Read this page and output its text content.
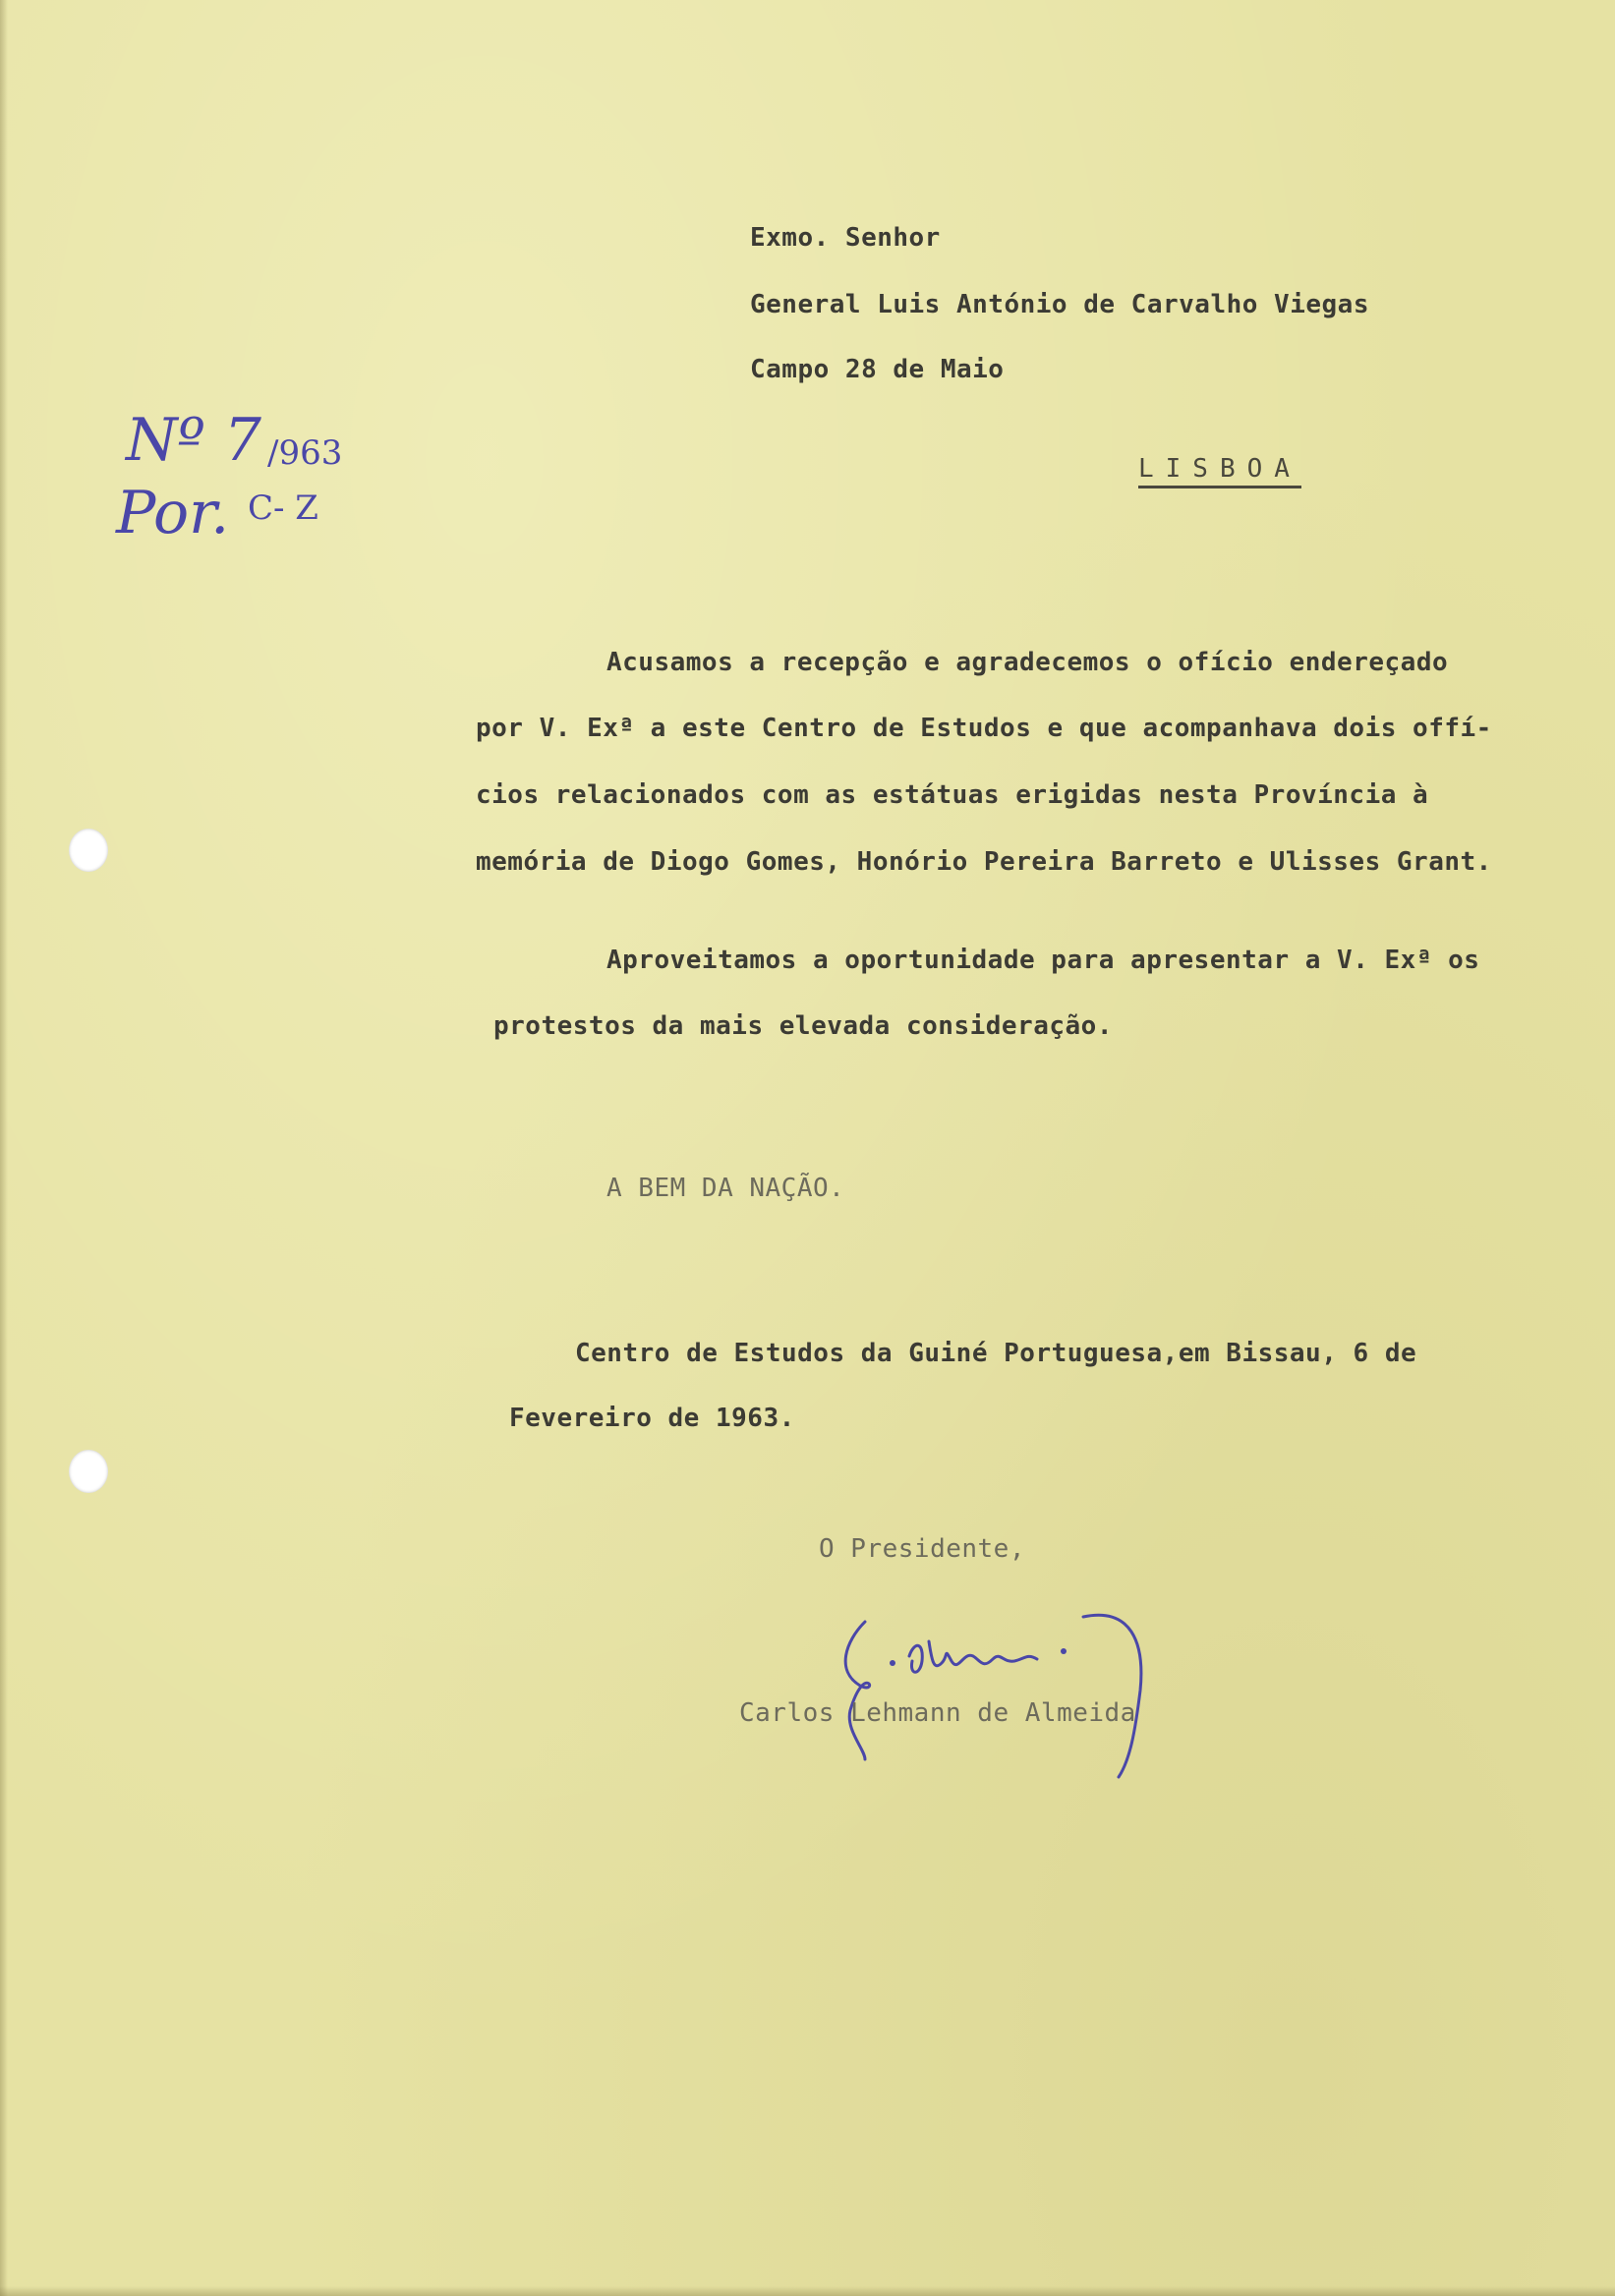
Nº 7 /963
Por. C- Z
Exmo. Senhor
General Luis António de Carvalho Viegas
Campo 28 de Maio
LISBOA
Acusamos a recepção e agradecemos o ofício endereçado
por V. Exª a este Centro de Estudos e que acompanhava dois offí-
cios relacionados com as estátuas erigidas nesta Província à
memória de Diogo Gomes, Honório Pereira Barreto e Ulisses Grant.
Aproveitamos a oportunidade para apresentar a V. Exª os
protestos da mais elevada consideração.
A BEM DA NAÇÃO.
Centro de Estudos da Guiné Portuguesa,em Bissau, 6 de
Fevereiro de 1963.
O Presidente,
Carlos Lehmann de Almeida
